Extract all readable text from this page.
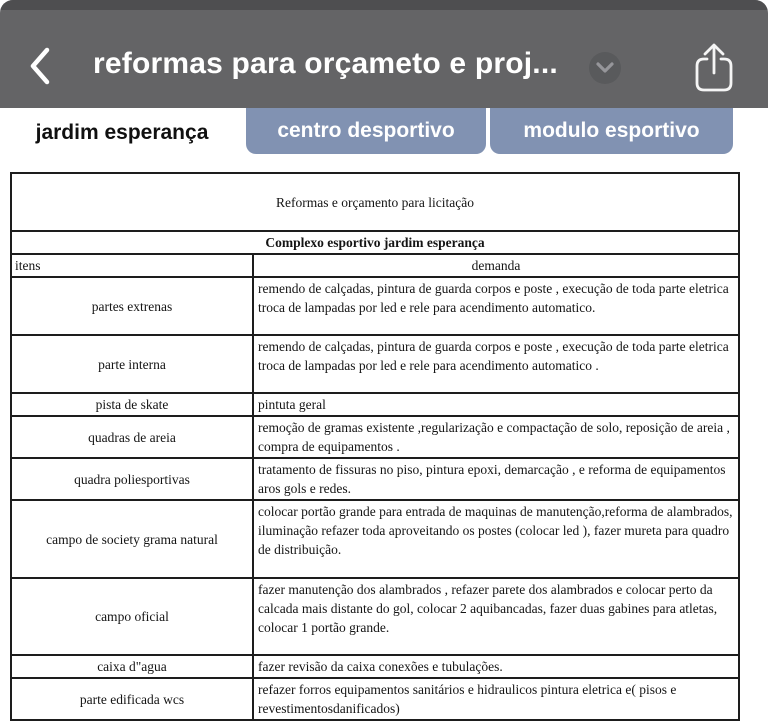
reformas para orçameto e proj...
jardim esperança	centro desportivo	modulo esportivo
Reformas e orçamento para licitação	
Complexo esportivo jardim esperança	
itens	demanda
partes extrenas	remendo de calçadas, pintura de guarda corpos e poste , execução de toda parte eletrica troca de lampadas por led e rele para acendimento automatico.
parte interna	remendo de calçadas, pintura de guarda corpos e poste , execução de toda parte eletrica troca de lampadas por led e rele para acendimento automatico .
pista de skate	pintuta geral
quadras de areia	remoção de gramas existente ,regularização e compactação de solo, reposição de areia , compra de equipamentos .
quadra poliesportivas	tratamento de fissuras no piso, pintura epoxi, demarcação , e reforma de equipamentos aros gols e redes.
campo de society grama natural	colocar portão grande para entrada de maquinas de manutenção,reforma de alambrados, iluminação refazer toda aproveitando os postes (colocar led ), fazer mureta para quadro de distribuição.
campo oficial	fazer manutenção dos alambrados , refazer parete dos alambrados e colocar perto da calcada mais distante do gol, colocar 2 aquibancadas, fazer duas gabines para atletas, colocar 1 portão grande.
caixa d"agua	fazer revisão da caixa conexões e tubulações.
parte edificada wcs	refazer forros equipamentos sanitários e hidraulicos pintura eletrica e( pisos e revestimentosdanificados)
